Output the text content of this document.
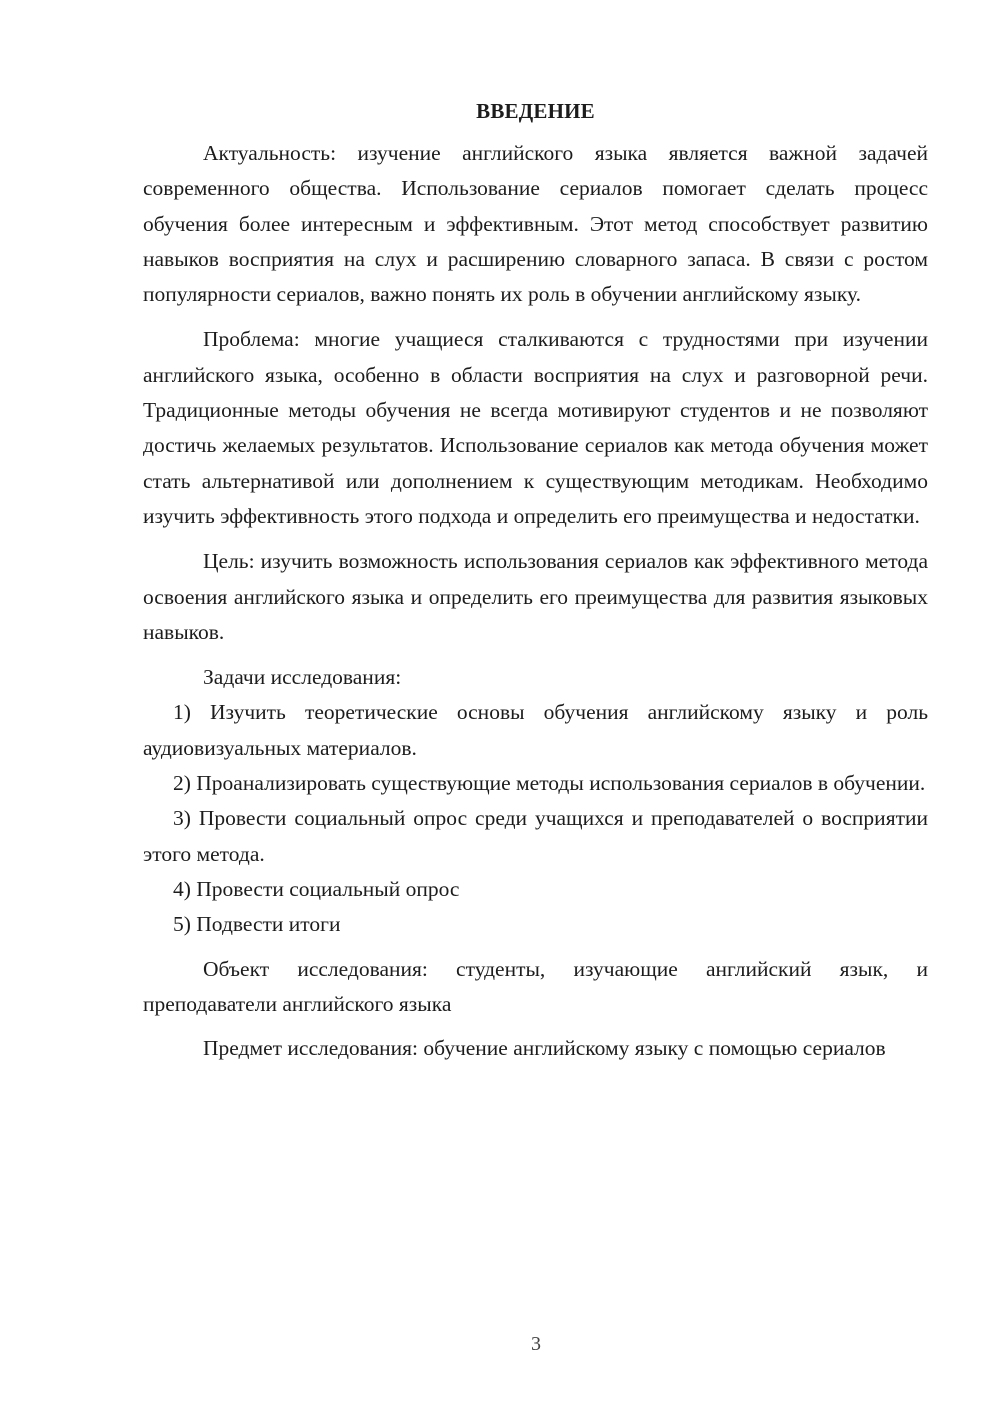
ВВЕДЕНИЕ

Актуальность: изучение английского языка является важной задачей современного общества. Использование сериалов помогает сделать процесс обучения более интересным и эффективным. Этот метод способствует развитию навыков восприятия на слух и расширению словарного запаса. В связи с ростом популярности сериалов, важно понять их роль в обучении английскому языку.

Проблема: многие учащиеся сталкиваются с трудностями при изучении английского языка, особенно в области восприятия на слух и разговорной речи. Традиционные методы обучения не всегда мотивируют студентов и не позволяют достичь желаемых результатов. Использование сериалов как метода обучения может стать альтернативой или дополнением к существующим методикам. Необходимо изучить эффективность этого подхода и определить его преимущества и недостатки.

Цель: изучить возможность использования сериалов как эффективного метода освоения английского языка и определить его преимущества для развития языковых навыков.

Задачи исследования:

1) Изучить теоретические основы обучения английскому языку и роль аудиовизуальных материалов.

2) Проанализировать существующие методы использования сериалов в обучении.

3) Провести социальный опрос среди учащихся и преподавателей о восприятии этого метода.

4) Провести социальный опрос

5) Подвести итоги

Объект исследования: студенты, изучающие английский язык, и преподаватели английского языка

Предмет исследования: обучение английскому языку с помощью сериалов

3
